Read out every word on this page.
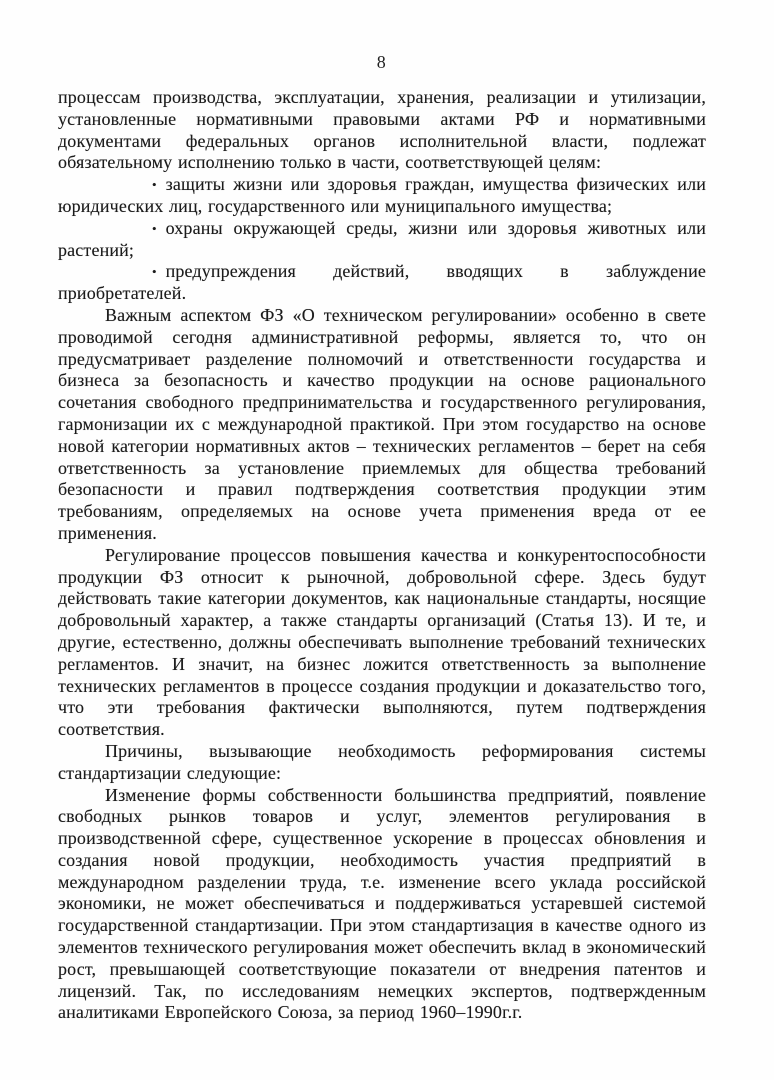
8

процессам производства, эксплуатации, хранения, реализации и утилизации, установленные нормативными правовыми актами РФ и нормативными документами федеральных органов исполнительной власти, подлежат обязательному исполнению только в части, соответствующей целям:

• защиты жизни или здоровья граждан, имущества физических или юридических лиц, государственного или муниципального имущества;

• охраны окружающей среды, жизни или здоровья животных или растений;

• предупреждения действий, вводящих в заблуждение приобретателей.

Важным аспектом ФЗ «О техническом регулировании» особенно в свете проводимой сегодня административной реформы, является то, что он предусматривает разделение полномочий и ответственности государства и бизнеса за безопасность и качество продукции на основе рационального сочетания свободного предпринимательства и государственного регулирования, гармонизации их с международной практикой. При этом государство на основе новой категории нормативных актов – технических регламентов – берет на себя ответственность за установление приемлемых для общества требований безопасности и правил подтверждения соответствия продукции этим требованиям, определяемых на основе учета применения вреда от ее применения.

Регулирование процессов повышения качества и конкурентоспособности продукции ФЗ относит к рыночной, добровольной сфере. Здесь будут действовать такие категории документов, как национальные стандарты, носящие добровольный характер, а также стандарты организаций (Статья 13). И те, и другие, естественно, должны обеспечивать выполнение требований технических регламентов. И значит, на бизнес ложится ответственность за выполнение технических регламентов в процессе создания продукции и доказательство того, что эти требования фактически выполняются, путем подтверждения соответствия.

Причины, вызывающие необходимость реформирования системы стандартизации следующие:

Изменение формы собственности большинства предприятий, появление свободных рынков товаров и услуг, элементов регулирования в производственной сфере, существенное ускорение в процессах обновления и создания новой продукции, необходимость участия предприятий в международном разделении труда, т.е. изменение всего уклада российской экономики, не может обеспечиваться и поддерживаться устаревшей системой государственной стандартизации. При этом стандартизация в качестве одного из элементов технического регулирования может обеспечить вклад в экономический рост, превышающей соответствующие показатели от внедрения патентов и лицензий. Так, по исследованиям немецких экспертов, подтвержденным аналитиками Европейского Союза, за период 1960–1990г.г.
